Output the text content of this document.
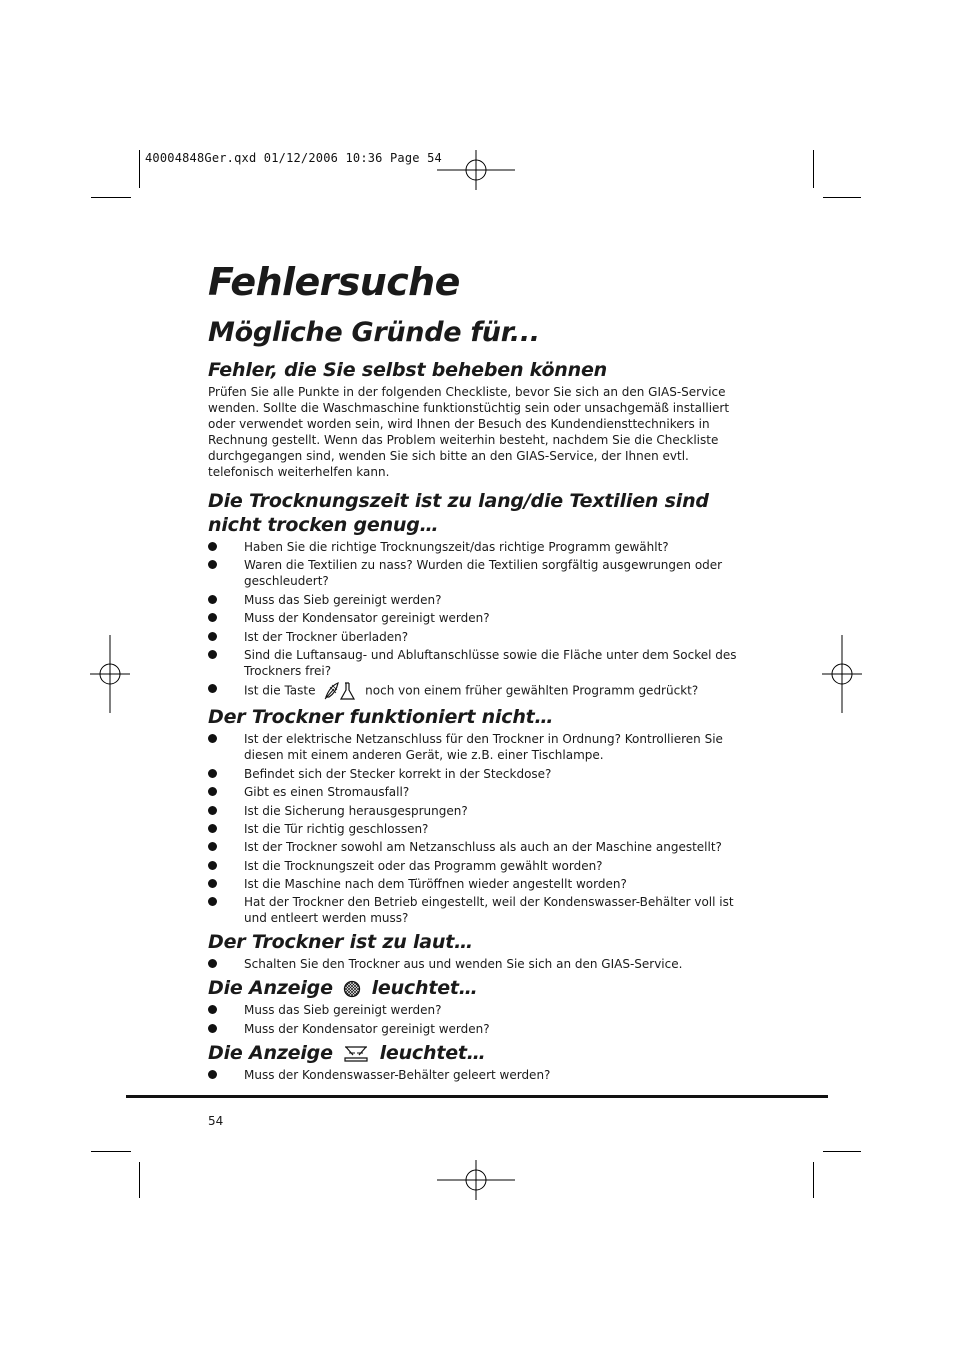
40004848Ger.qxd 01/12/2006 10:36 Page 54
Fehlersuche
Mögliche Gründe für...
Fehler, die Sie selbst beheben können

Prüfen Sie alle Punkte in der folgenden Checkliste, bevor Sie sich an den GIAS-Service wenden. Sollte die Waschmaschine funktionstüchtig sein oder unsachgemäß installiert oder verwendet worden sein, wird Ihnen der Besuch des Kundendiensttechnikers in Rechnung gestellt. Wenn das Problem weiterhin besteht, nachdem Sie die Checkliste durchgegangen sind, wenden Sie sich bitte an den GIAS-Service, der Ihnen evtl. telefonisch weiterhelfen kann.

Die Trocknungszeit ist zu lang/die Textilien sind nicht trocken genug…
Haben Sie die richtige Trocknungszeit/das richtige Programm gewählt?
Waren die Textilien zu nass? Wurden die Textilien sorgfältig ausgewrungen oder geschleudert?
Muss das Sieb gereinigt werden?
Muss der Kondensator gereinigt werden?
Ist der Trockner überladen?
Sind die Luftansaug- und Abluftanschlüsse sowie die Fläche unter dem Sockel des Trockners frei?
Ist die Taste	noch von einem früher gewählten Programm gedrückt?
Der Trockner funktioniert nicht…
Ist der elektrische Netzanschluss für den Trockner in Ordnung? Kontrollieren Sie diesen mit einem anderen Gerät, wie z.B. einer Tischlampe.
Befindet sich der Stecker korrekt in der Steckdose?
Gibt es einen Stromausfall?
Ist die Sicherung herausgesprungen?
Ist die Tür richtig geschlossen?
Ist der Trockner sowohl am Netzanschluss als auch an der Maschine angestellt?
Ist die Trocknungszeit oder das Programm gewählt worden?
Ist die Maschine nach dem Türöffnen wieder angestellt worden?
Hat der Trockner den Betrieb eingestellt, weil der Kondenswasser-Behälter voll ist und entleert werden muss?
Der Trockner ist zu laut…
Schalten Sie den Trockner aus und wenden Sie sich an den GIAS-Service.
Die Anzeige leuchtet…
Muss das Sieb gereinigt werden?
Muss der Kondensator gereinigt werden?
Die Anzeige leuchtet…
Muss der Kondenswasser-Behälter geleert werden?
54
